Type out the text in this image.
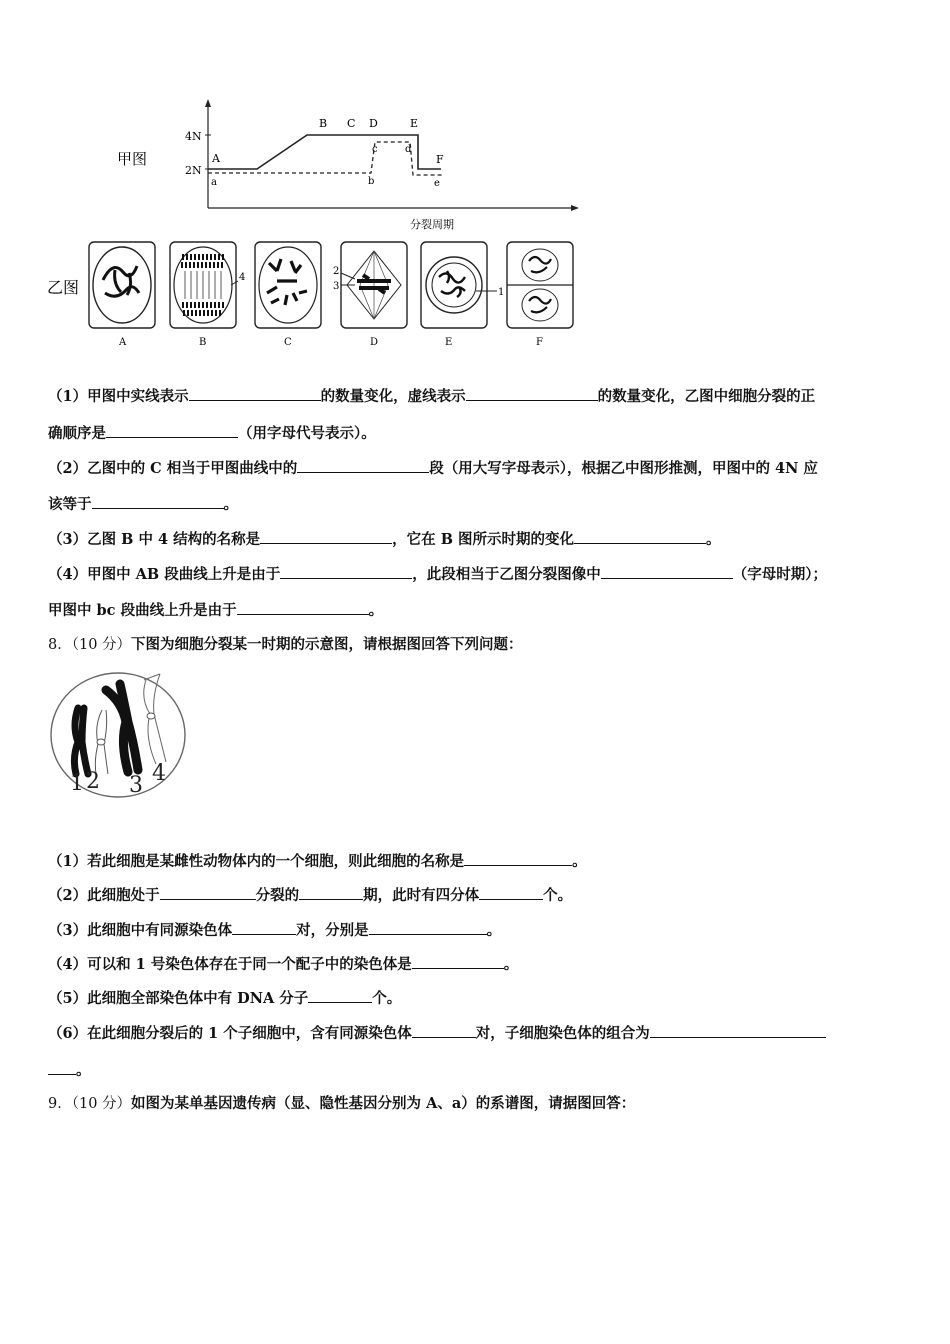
甲图
4N
2N
A
B C D	E
F
a	b
c	d
e
分裂周期
乙图
A
4
B	C
2
3
D
1
E	F
（1）甲图中实线表示	的数量变化，虚线表示	的数量变化，乙图中细胞分裂的正
确顺序是	（用字母代号表示）。
（2）乙图中的 C 相当于甲图曲线中的	段（用大写字母表示），根据乙中图形推测，甲图中的 4N 应
该等于	。
（3）乙图 B 中 4 结构的名称是	，它在 B 图所示时期的变化	。
（4）甲图中 AB 段曲线上升是由于	，此段相当于乙图分裂图像中	（字母时期）；
甲图中 bc 段曲线上升是由于	。
8．（10 分）下图为细胞分裂某一时期的示意图，请根据图回答下列问题：
1 2 3 4
（1）若此细胞是某雌性动物体内的一个细胞，则此细胞的名称是	。
（2）此细胞处于	分裂的	期，此时有四分体	个。
（3）此细胞中有同源染色体	对，分别是	。
（4）可以和 1 号染色体存在于同一个配子中的染色体是	。
（5）此细胞全部染色体中有 DNA 分子	个。
（6）在此细胞分裂后的 1 个子细胞中，含有同源染色体	对，子细胞染色体的组合为
。
9．（10 分）如图为某单基因遗传病（显、隐性基因分别为 A、a）的系谱图，请据图回答：
